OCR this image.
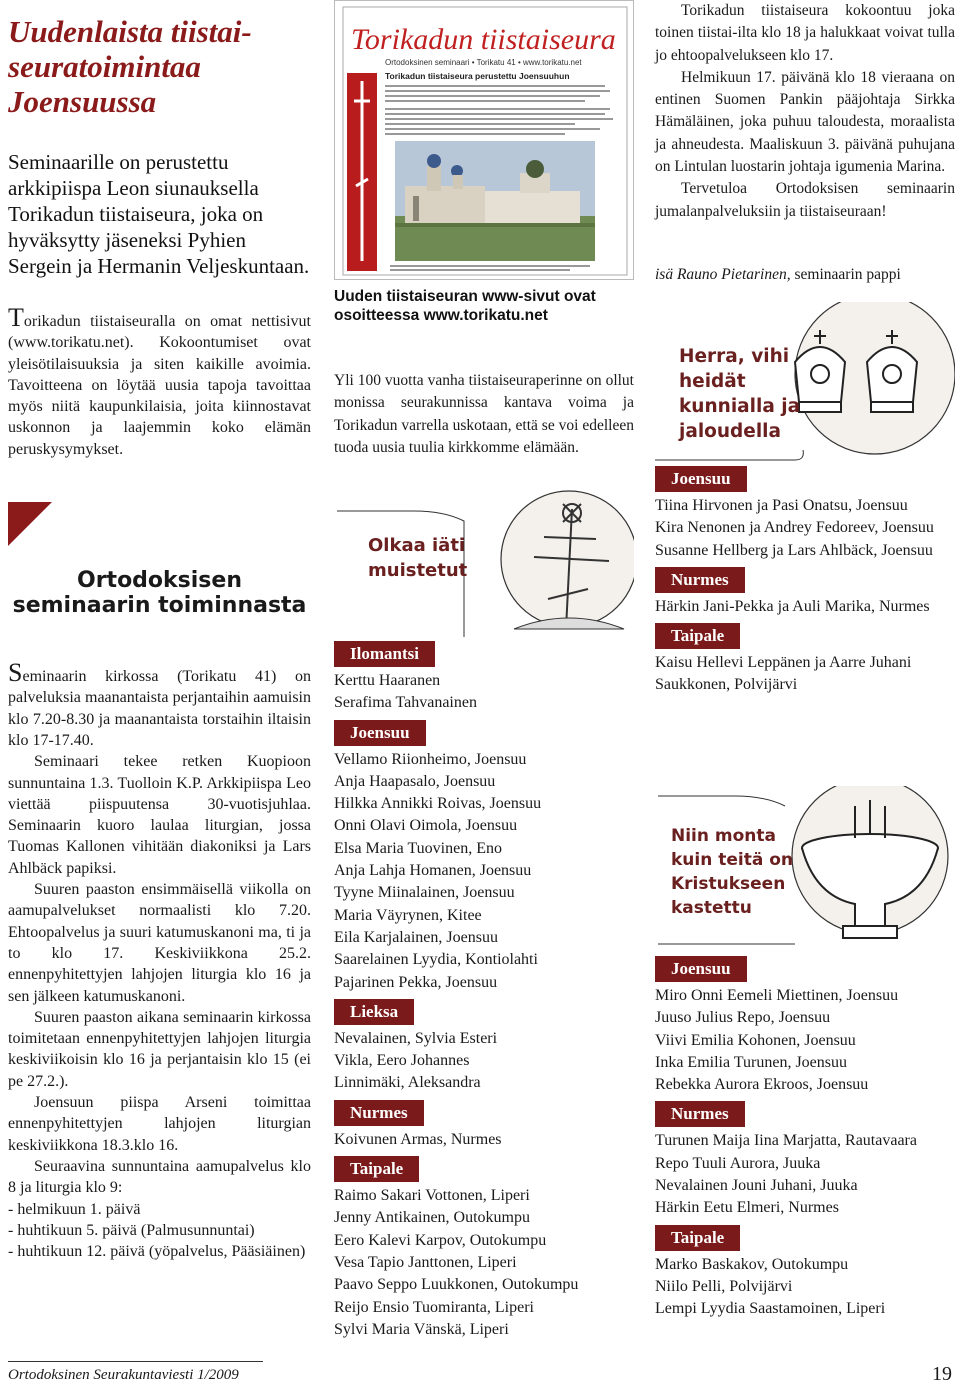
Uudenlaista tiistai-seuratoimintaa Joensuussa

Seminaarille on perustettu arkkipiispa Leon siunauksella Torikadun tiistaiseura, joka on hyväksytty jäseneksi Pyhien Sergein ja Hermanin Veljeskuntaan.

Torikadun tiistaiseuralla on omat nettisivut (www.torikatu.net). Kokoontumiset ovat yleisötilaisuuksia ja siten kaikille avoimia. Tavoitteena on löytää uusia tapoja tavoittaa myös niitä kaupunkilaisia, joita kiinnostavat uskonnon ja laajemmin koko elämän peruskysymykset.

Ortodoksisen seminaarin toiminnasta

Seminaarin kirkossa (Torikatu 41) on palveluksia maanantaista perjantaihin aamuisin klo 7.20-8.30 ja maanantaista torstaihin iltaisin klo 17-17.40.

Seminaari tekee retken Kuopioon sunnuntaina 1.3. Tuolloin K.P. Arkkipiispa Leo viettää piispuutensa 30-vuotisjuhlaa. Seminaarin kuoro laulaa liturgian, jossa Tuomas Kallonen vihitään diakoniksi ja Lars Ahlbäck papiksi.

Suuren paaston ensimmäisellä viikolla on aamupalvelukset normaalisti klo 7.20. Ehtoopalvelus ja suuri katumuskanoni ma, ti ja to klo 17. Keskiviikkona 25.2. ennenpyhitettyjen lahjojen liturgia klo 16 ja sen jälkeen katumuskanoni.

Suuren paaston aikana seminaarin kirkossa toimitetaan ennenpyhitettyjen lahjojen liturgia keskiviikoisin klo 16 ja perjantaisin klo 15 (ei pe 27.2.).

Joensuun piispa Arseni toimittaa ennenpyhitettyjen lahjojen liturgian keskiviikkona 18.3.klo 16.

Seuraavina sunnuntaina aamupalvelus klo 8 ja liturgia klo 9:

- helmikuun 1. päivä

- huhtikuun 5. päivä (Palmusunnuntai)

- huhtikuun 12. päivä (yöpalvelus, Pääsiäinen)

Ortodoksinen Seurakuntaviesti 1/2009	19
Torikadun tiistaiseura
Ortodoksinen seminaari • Torikatu 41 • www.torikatu.net
Torikadun tiistaiseura perustettu Joensuuhun
Uuden tiistaiseuran www-sivut ovat osoitteessa www.torikatu.net
Yli 100 vuotta vanha tiistaiseuraperinne on ollut monissa seurakunnissa kantava voima ja Torikadun varrella uskotaan, että se voi edelleen tuoda uusia tuulia kirkkomme elämään.
Olkaa iäti muistetut
Ilomantsi
Kerttu Haaranen
Serafima Tahvanainen
Joensuu
Vellamo Riionheimo, Joensuu
Anja Haapasalo, Joensuu
Hilkka Annikki Roivas, Joensuu
Onni Olavi Oimola, Joensuu
Elsa Maria Tuovinen, Eno
Anja Lahja Homanen, Joensuu
Tyyne Miinalainen, Joensuu
Maria Väyrynen, Kitee
Eila Karjalainen, Joensuu
Saarelainen Lyydia, Kontiolahti
Pajarinen Pekka, Joensuu
Lieksa
Nevalainen, Sylvia Esteri
Vikla, Eero Johannes
Linnimäki, Aleksandra
Nurmes
Koivunen Armas, Nurmes
Taipale
Raimo Sakari Vottonen, Liperi
Jenny Antikainen, Outokumpu
Eero Kalevi Karpov, Outokumpu
Vesa Tapio Janttonen, Liperi
Paavo Seppo Luukkonen, Outokumpu
Reijo Ensio Tuomiranta, Liperi
Sylvi Maria Vänskä, Liperi

Torikadun tiistaiseura kokoontuu joka toinen tiistai-ilta klo 18 ja halukkaat voivat tulla jo ehtoopalvelukseen klo 17.

Helmikuun 17. päivänä klo 18 vieraana on entinen Suomen Pankin pääjohtaja Sirkka Hämäläinen, joka puhuu taloudesta, moraalista ja ahneudesta. Maaliskuun 3. päivänä puhujana on Lintulan luostarin johtaja igumenia Marina.

Tervetuloa Ortodoksisen seminaarin jumalanpalveluksiin ja tiistaiseuraan!

isä Rauno Pietarinen, seminaarin pappi
Herra, vihi heidät kunnialla ja jaloudella
Joensuu
Tiina Hirvonen ja Pasi Onatsu, Joensuu
Kira Nenonen ja Andrey Fedoreev, Joensuu
Susanne Hellberg ja Lars Ahlbäck, Joensuu
Nurmes
Härkin Jani-Pekka ja Auli Marika, Nurmes
Taipale
Kaisu Hellevi Leppänen ja Aarre Juhani Saukkonen, Polvijärvi
Niin monta kuin teitä on Kristukseen kastettu
Joensuu
Miro Onni Eemeli Miettinen, Joensuu
Juuso Julius Repo, Joensuu
Viivi Emilia Kohonen, Joensuu
Inka Emilia Turunen, Joensuu
Rebekka Aurora Ekroos, Joensuu
Nurmes
Turunen Maija Iina Marjatta, Rautavaara
Repo Tuuli Aurora, Juuka
Nevalainen Jouni Juhani, Juuka
Härkin Eetu Elmeri, Nurmes
Taipale
Marko Baskakov, Outokumpu
Niilo Pelli, Polvijärvi
Lempi Lyydia Saastamoinen, Liperi
